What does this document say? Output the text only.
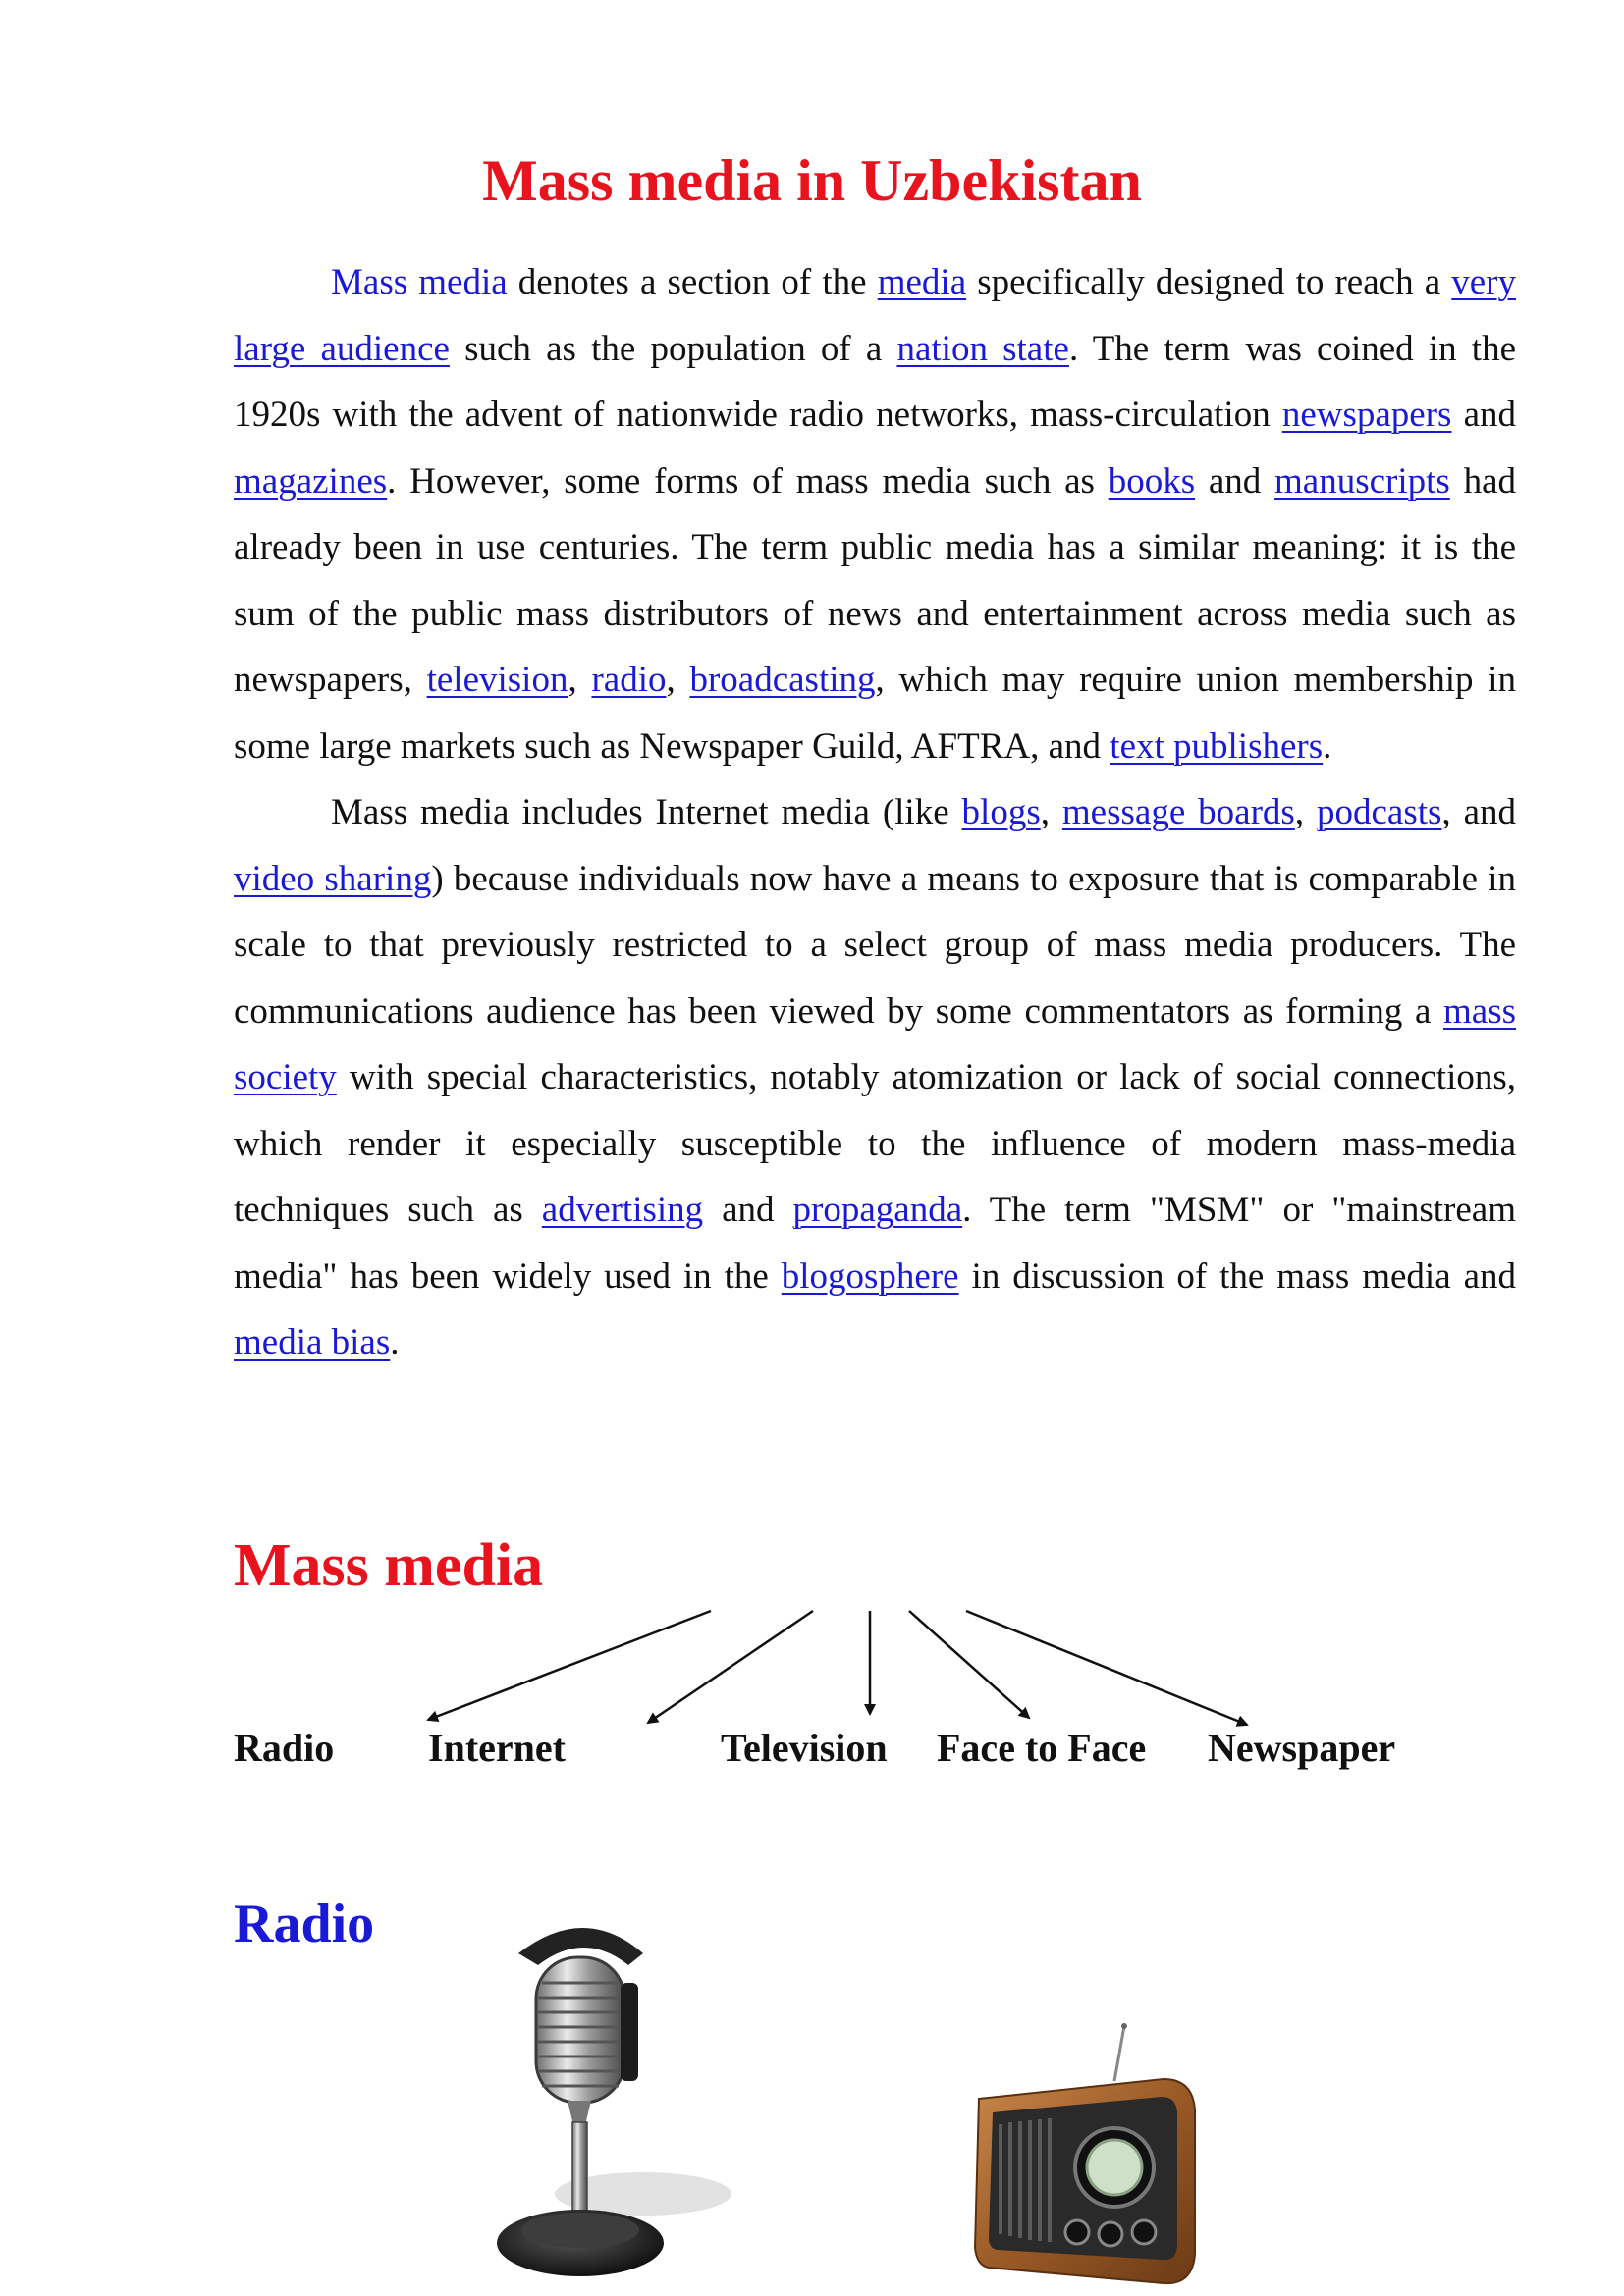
Mass media in Uzbekistan

Mass media denotes a section of the media specifically designed to reach a very large audience such as the population of a nation state. The term was coined in the 1920s with the advent of nationwide radio networks, mass-circulation newspapers and magazines. However, some forms of mass media such as books and manuscripts had already been in use centuries. The term public media has a similar meaning: it is the sum of the public mass distributors of news and entertainment across media such as newspapers, television, radio, broadcasting, which may require union membership in some large markets such as Newspaper Guild, AFTRA, and text publishers.

Mass media includes Internet media (like blogs, message boards, podcasts, and video sharing) because individuals now have a means to exposure that is comparable in scale to that previously restricted to a select group of mass media producers. The communications audience has been viewed by some commentators as forming a mass society with special characteristics, notably atomization or lack of social connections, which render it especially susceptible to the influence of modern mass-media techniques such as advertising and propaganda. The term "MSM" or "mainstream media" has been widely used in the blogosphere in discussion of the mass media and media bias.

Mass media

Radio Internet	Television Face to Face Newspaper

Radio
